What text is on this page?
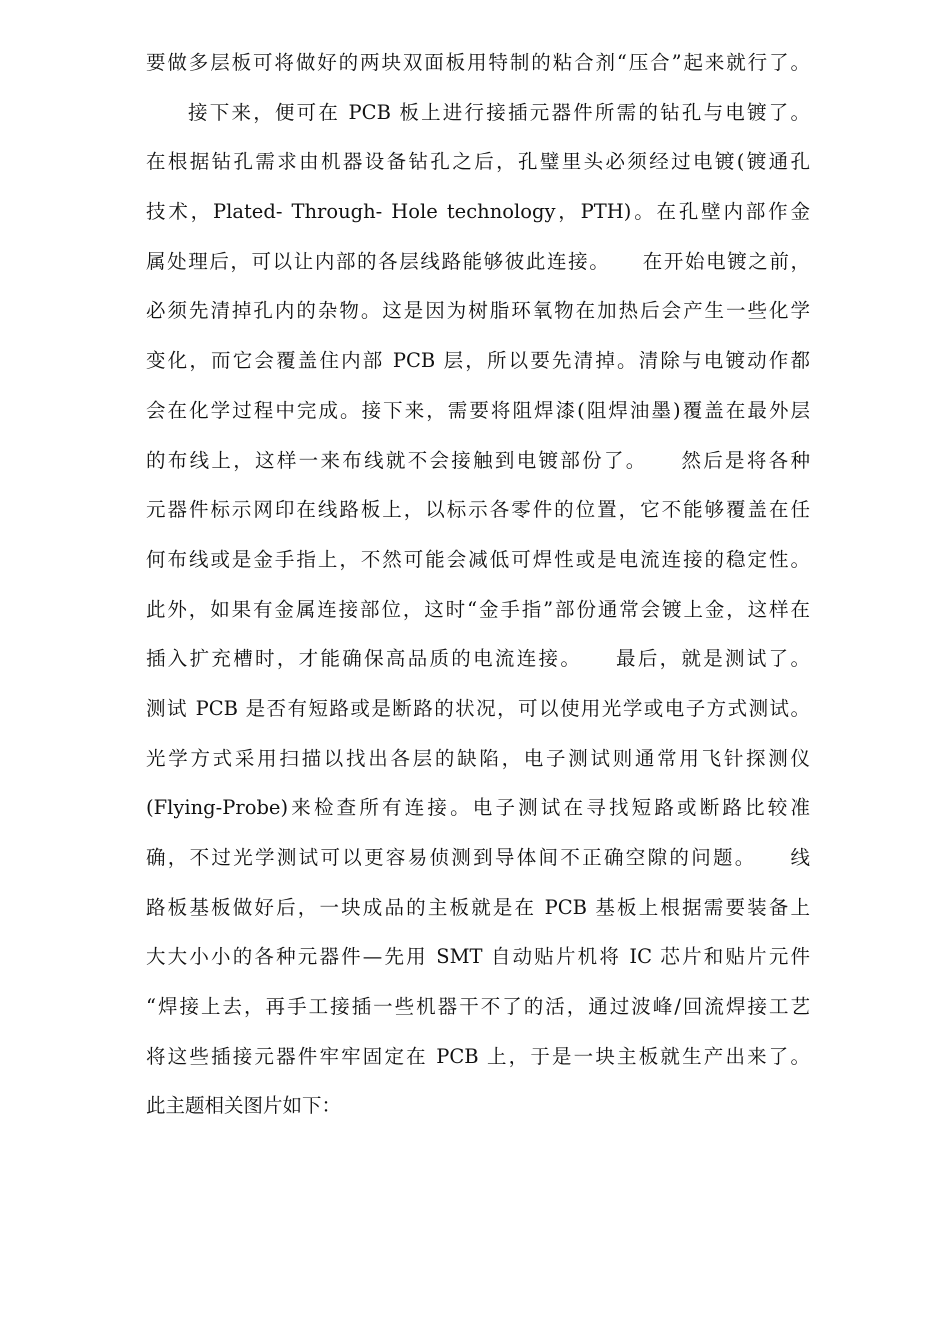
要做多层板可将做好的两块双面板用特制的粘合剂“压合”起来就行了。
接下来，便可在 PCB 板上进行接插元器件所需的钻孔与电镀了。
在根据钻孔需求由机器设备钻孔之后，孔璧里头必须经过电镀(镀通孔
技术，Plated- Through- Hole technology，PTH)。在孔壁内部作金
属处理后，可以让内部的各层线路能够彼此连接。　　在开始电镀之前，
必须先清掉孔内的杂物。这是因为树脂环氧物在加热后会产生一些化学
变化，而它会覆盖住内部 PCB 层，所以要先清掉。清除与电镀动作都
会在化学过程中完成。接下来，需要将阻焊漆(阻焊油墨)覆盖在最外层
的布线上，这样一来布线就不会接触到电镀部份了。　　然后是将各种
元器件标示网印在线路板上，以标示各零件的位置，它不能够覆盖在任
何布线或是金手指上，不然可能会减低可焊性或是电流连接的稳定性。
此外，如果有金属连接部位，这时“金手指”部份通常会镀上金，这样在
插入扩充槽时，才能确保高品质的电流连接。　　最后，就是测试了。
测试 PCB 是否有短路或是断路的状况，可以使用光学或电子方式测试。
光学方式采用扫描以找出各层的缺陷，电子测试则通常用飞针探测仪
(Flying-Probe)来检查所有连接。电子测试在寻找短路或断路比较准
确，不过光学测试可以更容易侦测到导体间不正确空隙的问题。　　线
路板基板做好后，一块成品的主板就是在 PCB 基板上根据需要装备上
大大小小的各种元器件—先用 SMT 自动贴片机将 IC 芯片和贴片元件
“焊接上去，再手工接插一些机器干不了的活，通过波峰/回流焊接工艺
将这些插接元器件牢牢固定在 PCB 上，于是一块主板就生产出来了。
此主题相关图片如下：
